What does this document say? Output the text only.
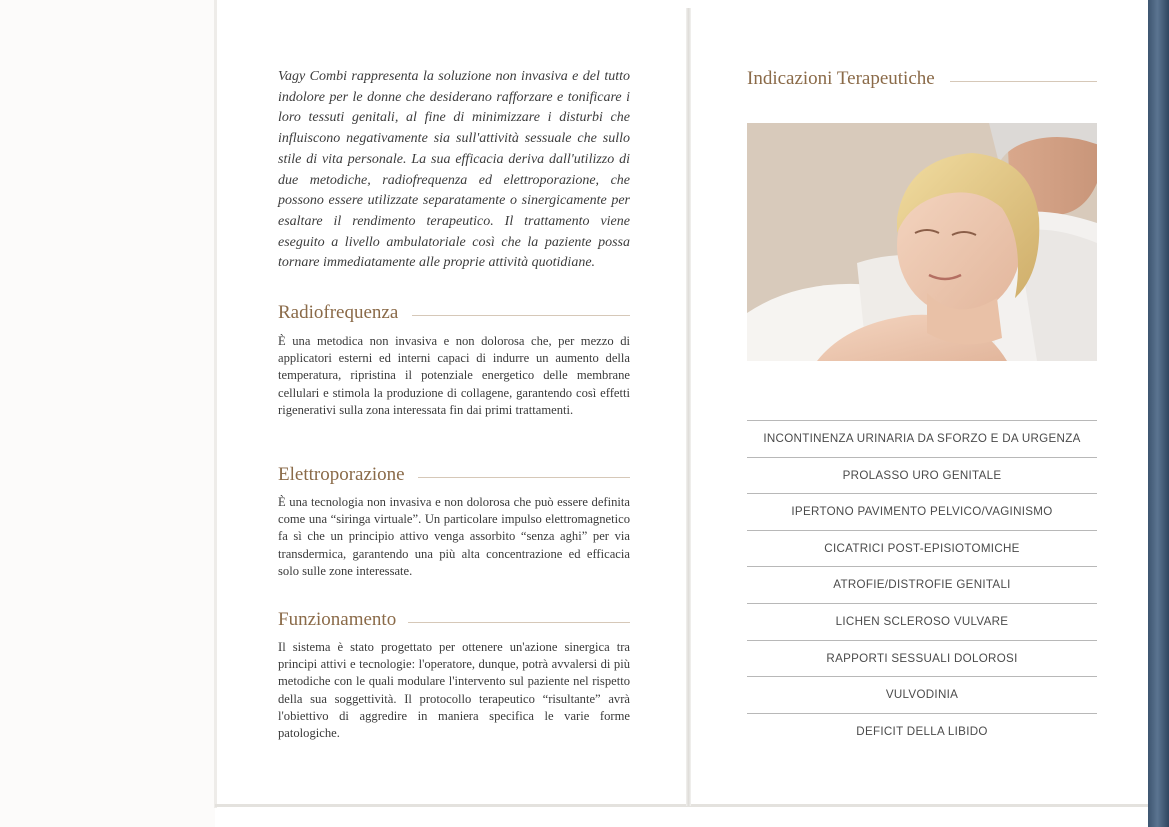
Vagy Combi rappresenta la soluzione non invasiva e del tutto indolore per le donne che desiderano rafforzare e tonificare i loro tessuti genitali, al fine di minimizzare i disturbi che influiscono negativamente sia sull'attività sessuale che sullo stile di vita personale. La sua efficacia deriva dall'utilizzo di due metodiche, radiofrequenza ed elettroporazione, che possono essere utilizzate separatamente o sinergicamente per esaltare il rendimento terapeutico. Il trattamento viene eseguito a livello ambulatoriale così che la paziente possa tornare immediatamente alle proprie attività quotidiane.
Radiofrequenza
È una metodica non invasiva e non dolorosa che, per mezzo di applicatori esterni ed interni capaci di indurre un aumento della temperatura, ripristina il potenziale energetico delle membrane cellulari e stimola la produzione di collagene, garantendo così effetti rigenerativi sulla zona interessata fin dai primi trattamenti.
Elettroporazione
È una tecnologia non invasiva e non dolorosa che può essere definita come una “siringa virtuale”. Un particolare impulso elettromagnetico fa sì che un principio attivo venga assorbito “senza aghi” per via transdermica, garantendo una più alta concentrazione ed efficacia solo sulle zone interessate.
Funzionamento
Il sistema è stato progettato per ottenere un'azione sinergica tra principi attivi e tecnologie: l'operatore, dunque, potrà avvalersi di più metodiche con le quali modulare l'intervento sul paziente nel rispetto della sua soggettività. Il protocollo terapeutico “risultante” avrà l'obiettivo di aggredire in maniera specifica le varie forme patologiche.
Indicazioni Terapeutiche
INCONTINENZA URINARIA DA SFORZO E DA URGENZA
PROLASSO URO GENITALE
IPERTONO PAVIMENTO PELVICO/VAGINISMO
CICATRICI POST-EPISIOTOMICHE
ATROFIE/DISTROFIE GENITALI
LICHEN SCLEROSO VULVARE
RAPPORTI SESSUALI DOLOROSI
VULVODINIA
DEFICIT DELLA LIBIDO
